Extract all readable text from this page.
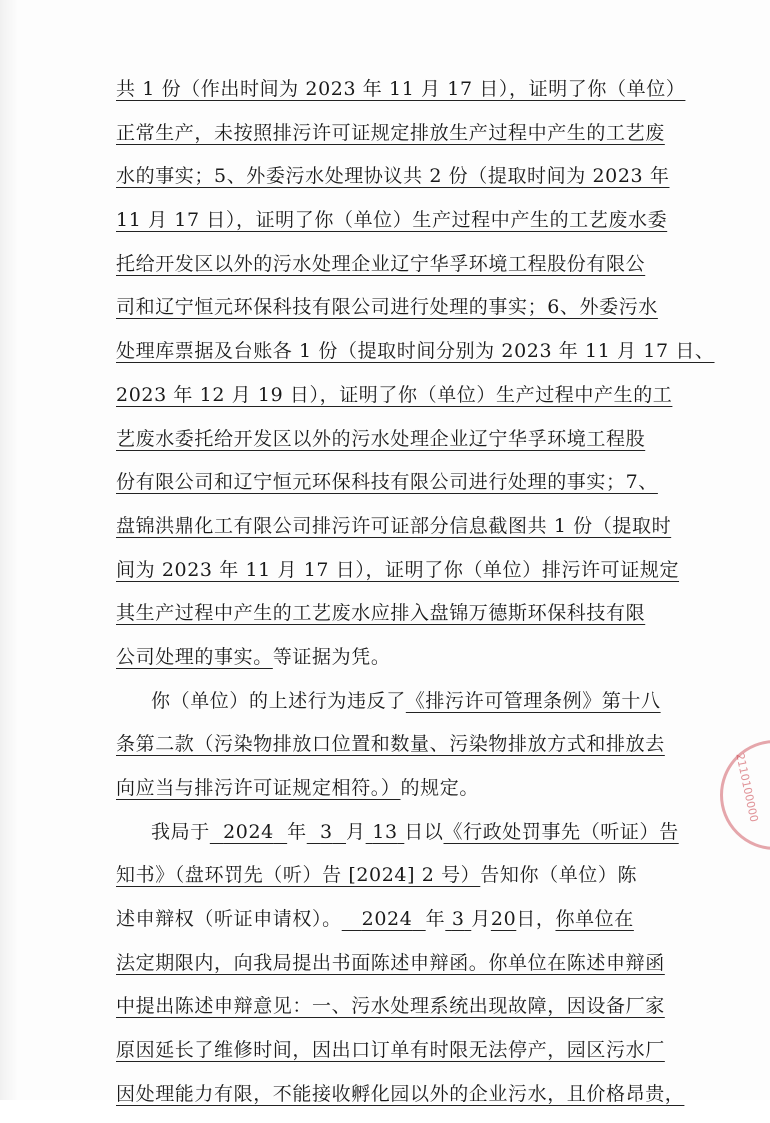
共 1 份（作出时间为 2023 年 11 月 17 日），证明了你（单位）
正常生产，未按照排污许可证规定排放生产过程中产生的工艺废
水的事实；5、外委污水处理协议共 2 份（提取时间为 2023 年
11 月 17 日），证明了你（单位）生产过程中产生的工艺废水委
托给开发区以外的污水处理企业辽宁华孚环境工程股份有限公
司和辽宁恒元环保科技有限公司进行处理的事实；6、外委污水
处理库票据及台账各 1 份（提取时间分别为 2023 年 11 月 17 日、
2023 年 12 月 19 日），证明了你（单位）生产过程中产生的工
艺废水委托给开发区以外的污水处理企业辽宁华孚环境工程股
份有限公司和辽宁恒元环保科技有限公司进行处理的事实；7、
盘锦洪鼎化工有限公司排污许可证部分信息截图共 1 份（提取时
间为 2023 年 11 月 17 日），证明了你（单位）排污许可证规定
其生产过程中产生的工艺废水应排入盘锦万德斯环保科技有限
公司处理的事实。等证据为凭。
你（单位）的上述行为违反了《排污许可管理条例》第十八
条第二款（污染物排放口位置和数量、污染物排放方式和排放去
向应当与排污许可证规定相符。）的规定。
我局于 2024 年 3 月 13 日以《行政处罚事先（听证）告
知书》（盘环罚先（听）告 [2024] 2 号）告知你（单位）陈
述申辩权（听证申请权）。 2024 年 3 月20日，你单位在
法定期限内，向我局提出书面陈述申辩函。你单位在陈述申辩函
中提出陈述申辩意见：一、污水处理系统出现故障，因设备厂家
原因延长了维修时间，因出口订单有时限无法停产，园区污水厂
因处理能力有限，不能接收孵化园以外的企业污水，且价格昂贵，
2110100000
